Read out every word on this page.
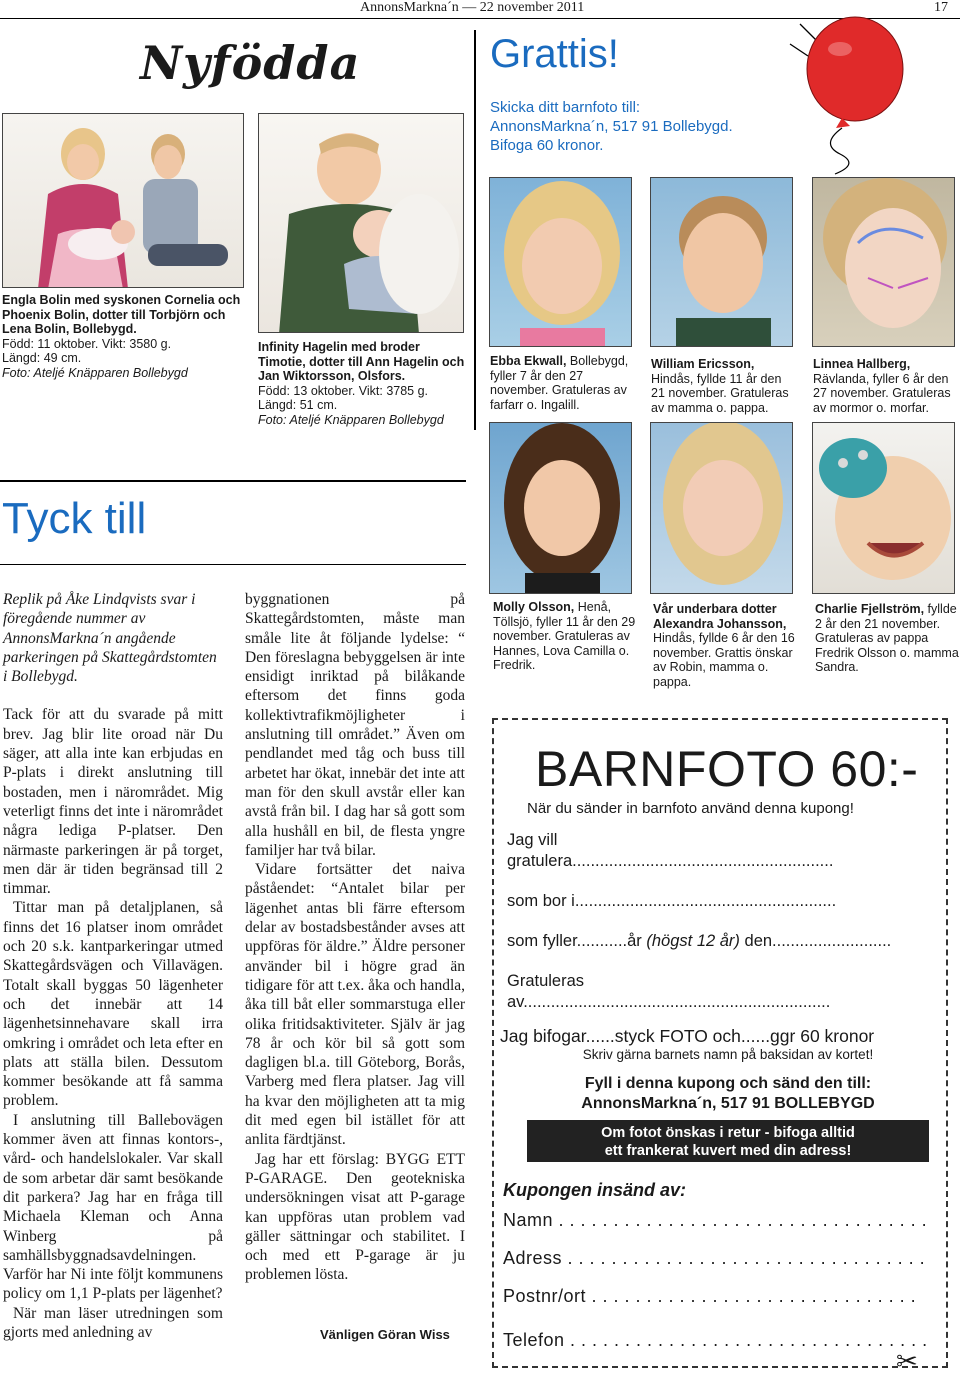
AnnonsMarkna´n — 22 november 2011	17
Nyfödda
Engla Bolin med syskonen Cornelia och Phoenix Bolin, dotter till Torbjörn och Lena Bolin, Bollebygd.
Född: 11 oktober. Vikt: 3580 g.
Längd: 49 cm.
Foto: Ateljé Knäpparen Bollebygd
Infinity Hagelin med broder Timotie, dotter till Ann Hagelin och Jan Wiktorsson, Olsfors.
Född: 13 oktober. Vikt: 3785 g.
Längd: 51 cm.
Foto: Ateljé Knäpparen Bollebygd
Grattis!
Skicka ditt barnfoto till:
AnnonsMarkna´n, 517 91 Bollebygd.
Bifoga 60 kronor.
Ebba Ekwall, Bollebygd, fyller 7 år den 27 november. Gratuleras av farfarr o. Ingalill.
William Ericsson,
Hindås, fyllde 11 år den 21 november. Gratuleras av mamma o. pappa.
Linnea Hallberg,
Rävlanda, fyller 6 år den 27 november. Gratuleras av mormor o. morfar.
Molly Olsson, Henå, Töllsjö, fyller 11 år den 29 november. Gratuleras av Hannes, Lova Camilla o. Fredrik.
Vår underbara dotter Alexandra Johansson, Hindås, fyllde 6 år den 16 november. Grattis önskar av Robin, mamma o. pappa.
Charlie Fjellström, fyllde 2 år den 21 november. Gratuleras av pappa Fredrik Olsson o. mamma Sandra.
Tyck till

Replik på Åke Lindqvists svar i föregående nummer av AnnonsMarkna´n angående parkeringen på Skattegårdstomten i Bollebygd.

Tack för att du svarade på mitt brev. Jag blir lite oroad när Du säger, att alla inte kan erbjudas en P-plats i direkt anslutning till bostaden, men i närområdet. Mig veterligt finns det inte i närområdet några lediga P-platser. Den närmaste parkeringen är på torget, men där är tiden begränsad till 2 timmar.

Tittar man på detaljplanen, så finns det 16 platser inom området och 20 s.k. kantparkeringar utmed Skattegårdsvägen och Villavägen. Totalt skall byggas 50 lägenheter och det innebär att 14 lägenhetsinnehavare skall irra omkring i området och leta efter en plats att ställa bilen. Dessutom kommer besökande att få samma problem.

I anslutning till Ballebovägen kommer även att finnas kontors-, vård- och handelslokaler. Var skall de som arbetar där samt besökande dit parkera? Jag har en fråga till Michaela Kleman och Anna Winberg på samhällsbyggnadsavdelningen. Varför har Ni inte följt kommunens policy om 1,1 P-plats per lägenhet?

När man läser utredningen som gjorts med anledning av

byggnationen på Skattegårdstomten, måste man småle lite åt följande lydelse: “ Den föreslagna bebyggelsen är inte ensidigt inriktad på bilåkande eftersom det finns goda kollektivtrafikmöjligheter i anslutning till området.” Även om pendlandet med tåg och buss till arbetet har ökat, innebär det inte att man för den skull avstår eller kan avstå från bil. I dag har så gott som alla hushåll en bil, de flesta yngre familjer har två bilar.

Vidare fortsätter det naiva påståendet: “Antalet bilar per lägenhet antas bli färre eftersom delar av bostadsbestånder avses att uppföras för äldre.” Äldre personer använder bil i högre grad än tidigare för att t.ex. åka och handla, åka till båt eller sommarstuga eller olika fritidsaktiviteter. Själv är jag 78 år och kör bil så gott som dagligen bl.a. till Göteborg, Borås, Varberg med flera platser. Jag vill ha kvar den möjligheten att ta mig dit med egen bil istället för att anlita färdtjänst.

Jag har ett förslag: BYGG ETT P-GARAGE. Den geotekniska undersökningen visat att P-garage kan uppföras utan problem vad gäller sättningar och stabilitet. I och med ett P-garage är ju problemen lösta.

Vänligen Göran Wiss
BARNFOTO 60:-
När du sänder in barnfoto använd denna kupong!
Jag vill
gratulera.........................................................
som bor i.........................................................
som fyller...........år (högst 12 år) den..........................
Gratuleras
av...................................................................
Jag bifogar......styck FOTO och......ggr 60 kronor
Skriv gärna barnets namn på baksidan av kortet!
Fyll i denna kupong och sänd den till:
AnnonsMarkna´n, 517 91 BOLLEBYGD
Om fotot önskas i retur - bifoga alltid
ett frankerat kuvert med din adress!
Kupongen insänd av:
Namn . . . . . . . . . . . . . . . . . . . . . . . . . . . . . . . . . .
Adress . . . . . . . . . . . . . . . . . . . . . . . . . . . . . . . . .
Postnr/ort . . . . . . . . . . . . . . . . . . . . . . . . . . . . . .
Telefon . . . . . . . . . . . . . . . . . . . . . . . . . . . . . . . . .
✂
